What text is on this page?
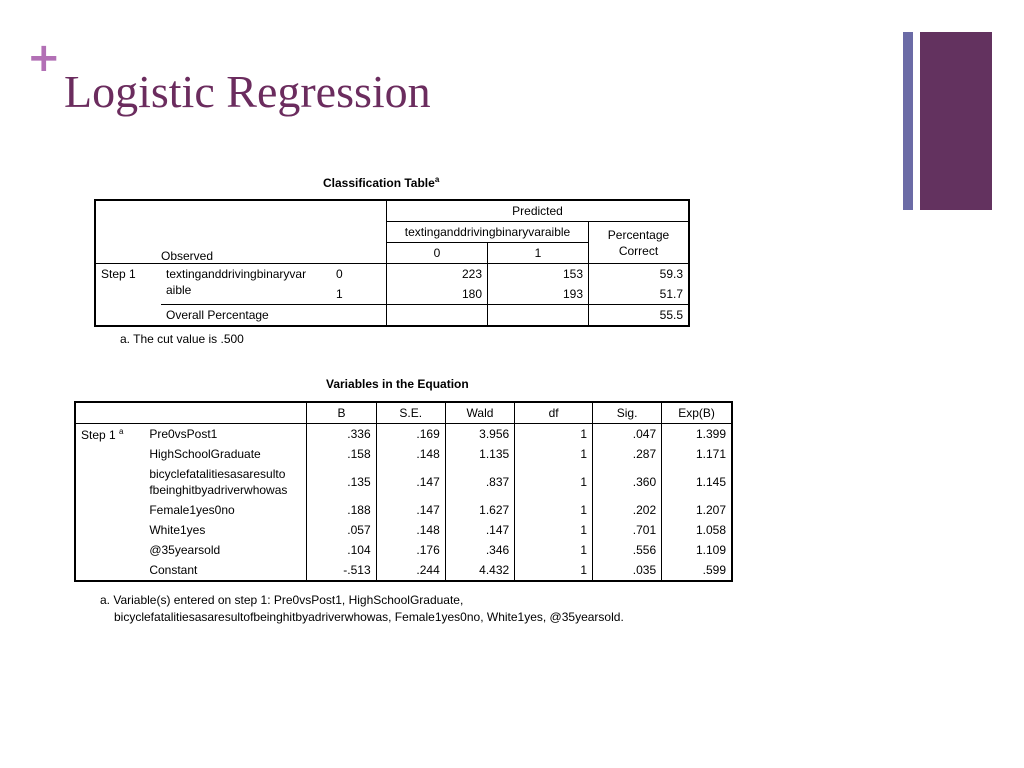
+
Logistic Regression
Classification Table$^a$
Observed			Predicted		
			textinganddrivingbinaryvaraible		Percentage
Correct

			0	1	
Step 1	textinganddrivingbinaryvar aible	0	223	153	59.3
		1	180	193	51.7
	Overall Percentage				55.5
a. The cut value is .500
Variables in the Equation
		B	S.E.	Wald	df	Sig.	Exp(B)
Step 1 $^a$	Pre0vsPost1	.336	.169	3.956	1	.047	1.399
	HighSchoolGraduate	.158	.148	1.135	1	.287	1.171
	bicyclefatalitiesasaresulto fbeinghitbyadriverwhowas	.135	.147	.837	1	.360	1.145
	Female1yes0no	.188	.147	1.627	1	.202	1.207
	White1yes	.057	.148	.147	1	.701	1.058
	@35yearsold	.104	.176	.346	1	.556	1.109
	Constant	-.513	.244	4.432	1	.035	.599
a. Variable(s) entered on step 1: Pre0vsPost1, HighSchoolGraduate,
bicyclefatalitiesasaresultofbeinghitbyadriverwhowas, Female1yes0no, White1yes, @35yearsold.
